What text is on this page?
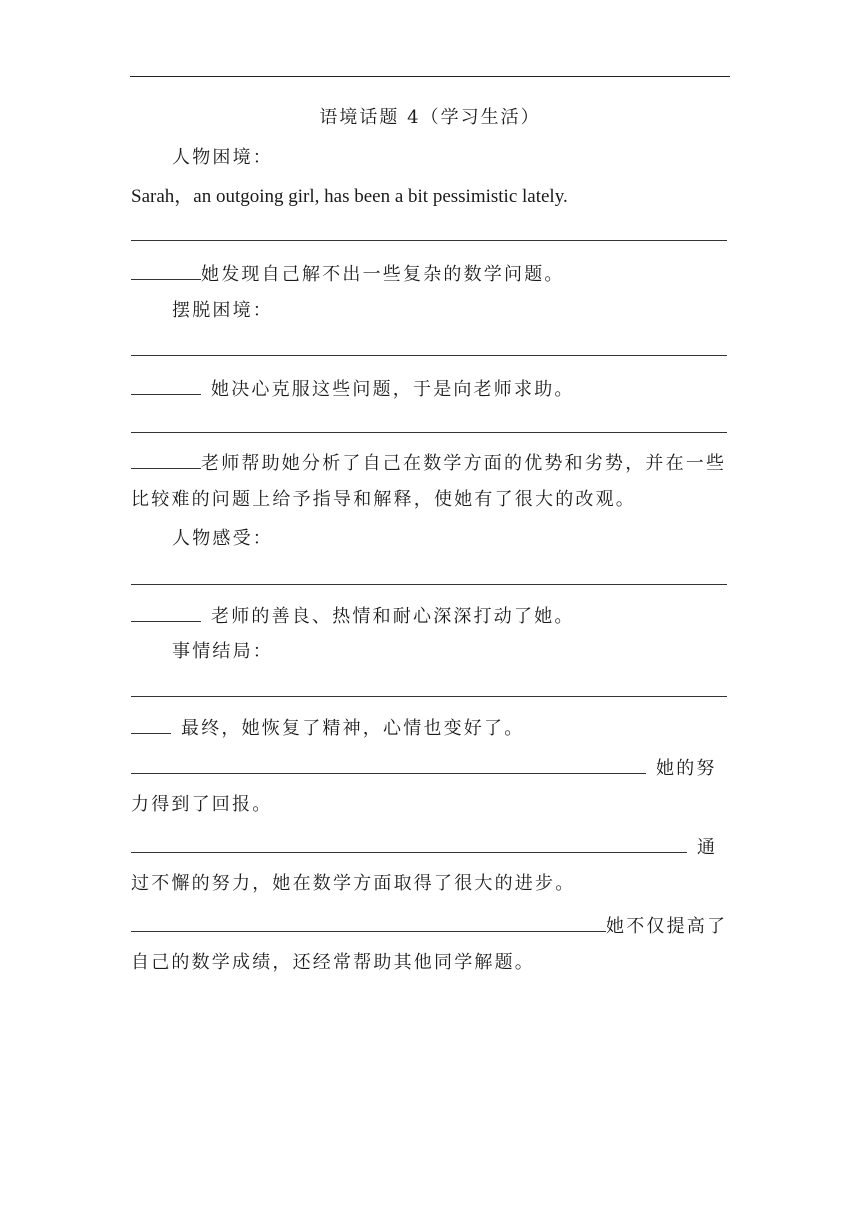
语境话题 4（学习生活）
人物困境：
Sarah，an outgoing girl, has been a bit pessimistic lately.
她发现自己解不出一些复杂的数学问题。
摆脱困境：
她决心克服这些问题，于是向老师求助。
老师帮助她分析了自己在数学方面的优势和劣势，并在一些
比较难的问题上给予指导和解释，使她有了很大的改观。
人物感受：
老师的善良、热情和耐心深深打动了她。
事情结局：
最终，她恢复了精神，心情也变好了。
她的努
力得到了回报。
通
过不懈的努力，她在数学方面取得了很大的进步。
她不仅提高了
自己的数学成绩，还经常帮助其他同学解题。
